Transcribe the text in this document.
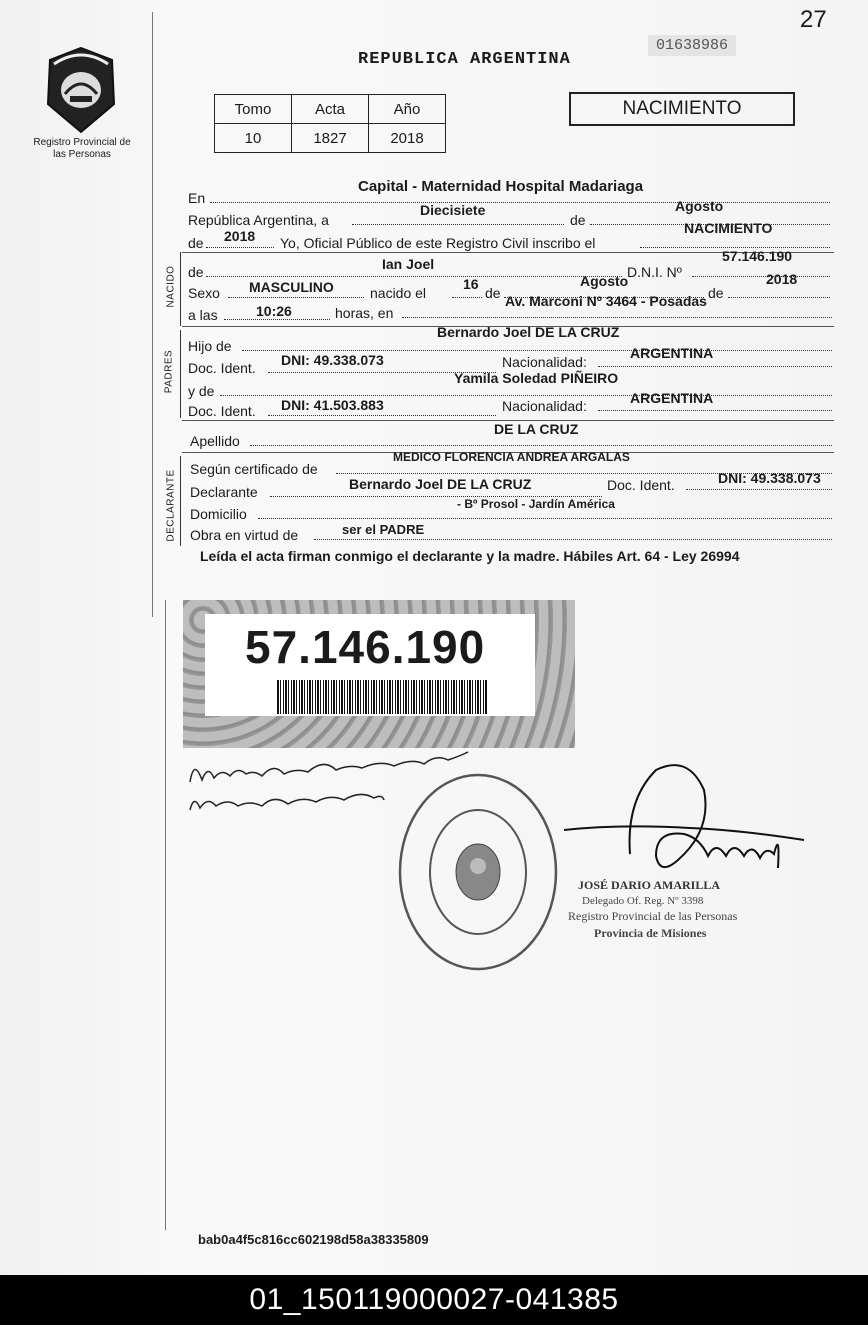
27
Registro Provincial de las Personas
REPUBLICA ARGENTINA
01638986
Tomo	Acta	Año
10	1827	2018
NACIMIENTO
En
Capital - Maternidad Hospital Madariaga
República Argentina, a
Diecisiete
de
Agosto
de 2018 Yo, Oficial Público de este Registro Civil inscribo el
NACIMIENTO
NACIDO de	Ian Joel	D.N.I. Nº
57.146.190
Sexo MASCULINO	nacido el
16
de
Agosto
de
2018
a las	10:26	horas, en
Av. Marconi Nº 3464 - Posadas
PADRES
Hijo de
Bernardo Joel DE LA CRUZ
Doc. Ident. DNI: 49.338.073	Nacionalidad:
ARGENTINA
y de
Yamila Soledad PIÑEIRO
Doc. Ident. DNI: 41.503.883	Nacionalidad:	ARGENTINA
Apellido
DE LA CRUZ
DECLARANTE
Según certificado de
MEDICO FLORENCIA ANDREA ARGALAS
Declarante	Bernardo Joel DE LA CRUZ	Doc. Ident.	DNI: 49.338.073
Domicilio
- Bº Prosol - Jardín América
Obra en virtud de	ser el PADRE
Leída el acta firman conmigo el declarante y la madre. Hábiles Art. 64 - Ley 26994
57.146.190
JOSÉ DARIO AMARILLA
Delegado Of. Reg. Nº 3398
Registro Provincial de las Personas
Provincia de Misiones
bab0a4f5c816cc602198d58a38335809
01_150119000027-041385
